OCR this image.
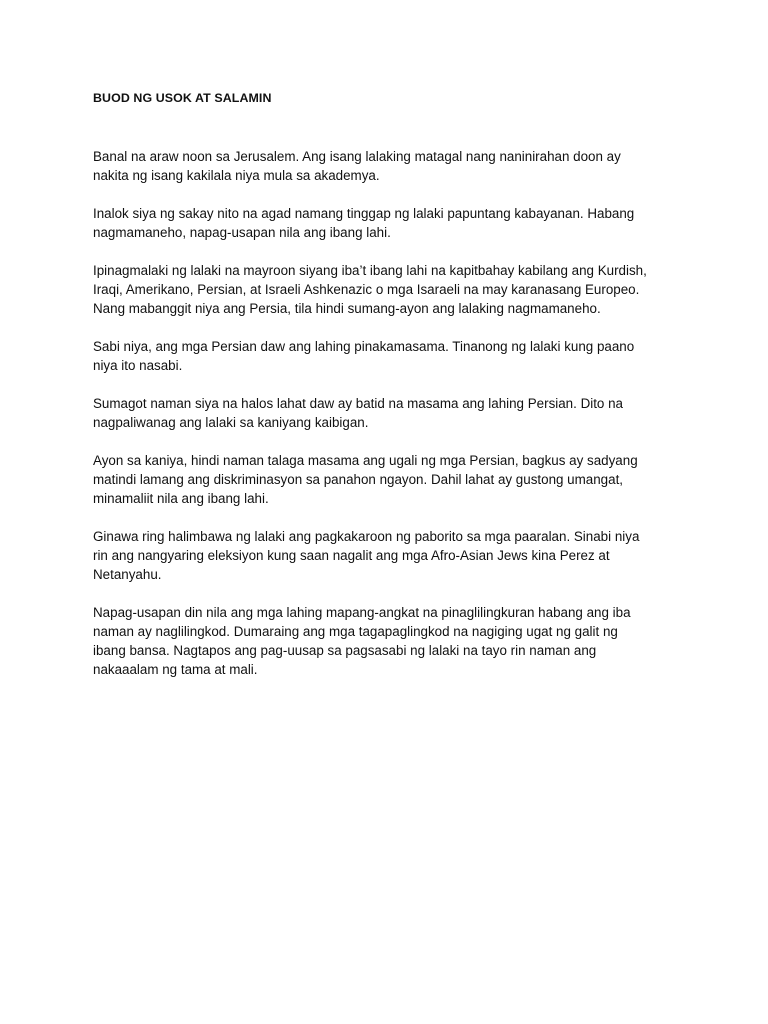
BUOD NG USOK AT SALAMIN
Banal na araw noon sa Jerusalem. Ang isang lalaking matagal nang naninirahan doon ay
nakita ng isang kakilala niya mula sa akademya.
Inalok siya ng sakay nito na agad namang tinggap ng lalaki papuntang kabayanan. Habang
nagmamaneho, napag-usapan nila ang ibang lahi.
Ipinagmalaki ng lalaki na mayroon siyang iba’t ibang lahi na kapitbahay kabilang ang Kurdish,
Iraqi, Amerikano, Persian, at Israeli Ashkenazic o mga Isaraeli na may karanasang Europeo.
Nang mabanggit niya ang Persia, tila hindi sumang-ayon ang lalaking nagmamaneho.
Sabi niya, ang mga Persian daw ang lahing pinakamasama. Tinanong ng lalaki kung paano
niya ito nasabi.
Sumagot naman siya na halos lahat daw ay batid na masama ang lahing Persian. Dito na
nagpaliwanag ang lalaki sa kaniyang kaibigan.
Ayon sa kaniya, hindi naman talaga masama ang ugali ng mga Persian, bagkus ay sadyang
matindi lamang ang diskriminasyon sa panahon ngayon. Dahil lahat ay gustong umangat,
minamaliit nila ang ibang lahi.
Ginawa ring halimbawa ng lalaki ang pagkakaroon ng paborito sa mga paaralan. Sinabi niya
rin ang nangyaring eleksiyon kung saan nagalit ang mga Afro-Asian Jews kina Perez at
Netanyahu.
Napag-usapan din nila ang mga lahing mapang-angkat na pinaglilingkuran habang ang iba
naman ay naglilingkod. Dumaraing ang mga tagapaglingkod na nagiging ugat ng galit ng
ibang bansa. Nagtapos ang pag-uusap sa pagsasabi ng lalaki na tayo rin naman ang
nakaaalam ng tama at mali.
